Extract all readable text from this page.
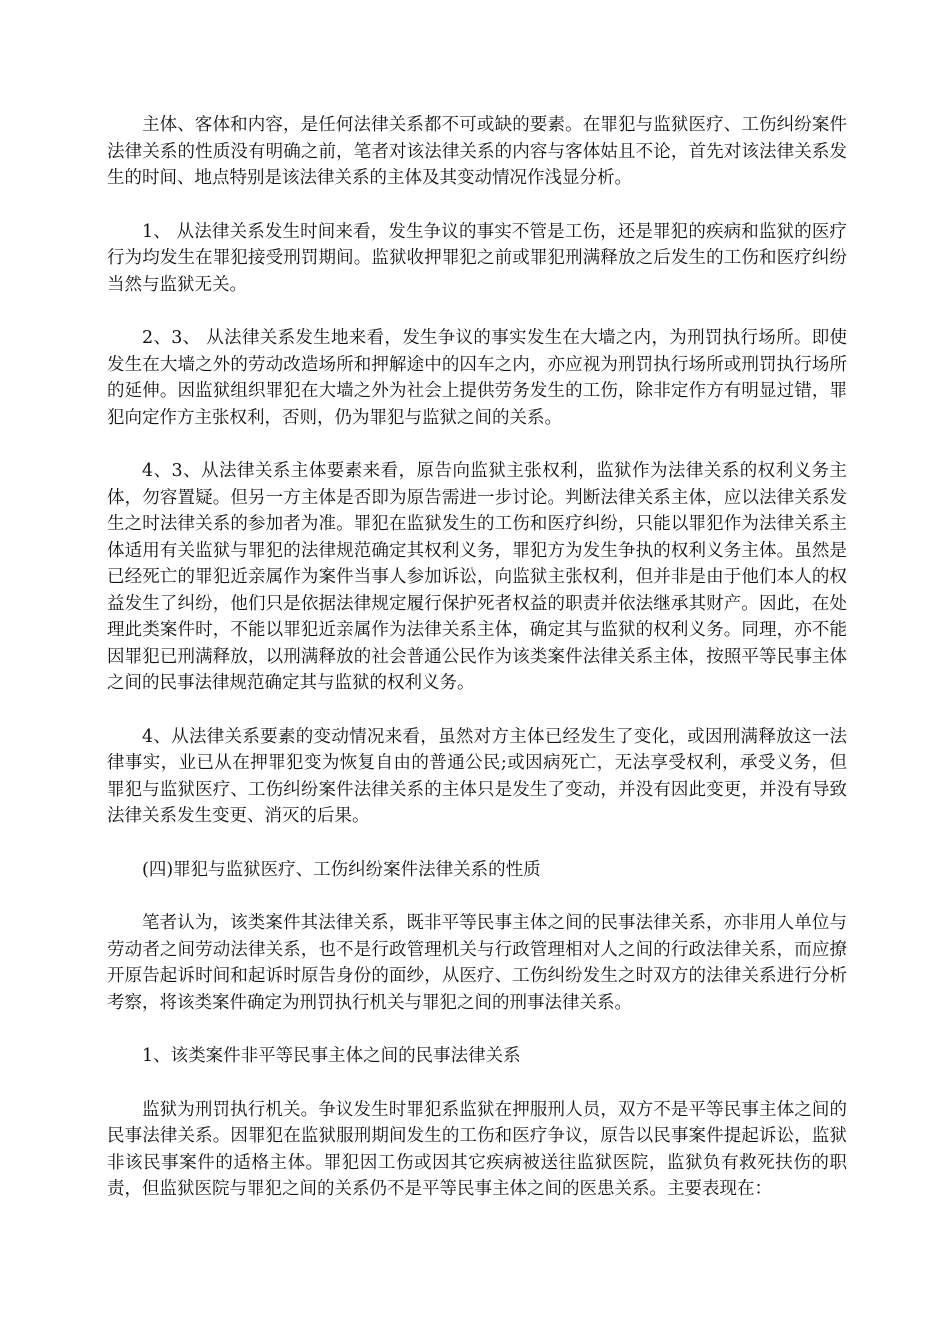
主体、客体和内容，是任何法律关系都不可或缺的要素。在罪犯与监狱医疗、工伤纠纷案件法律关系的性质没有明确之前，笔者对该法律关系的内容与客体姑且不论，首先对该法律关系发生的时间、地点特别是该法律关系的主体及其变动情况作浅显分析。

1、 从法律关系发生时间来看，发生争议的事实不管是工伤，还是罪犯的疾病和监狱的医疗行为均发生在罪犯接受刑罚期间。监狱收押罪犯之前或罪犯刑满释放之后发生的工伤和医疗纠纷当然与监狱无关。

2、3、 从法律关系发生地来看，发生争议的事实发生在大墙之内，为刑罚执行场所。即使发生在大墙之外的劳动改造场所和押解途中的囚车之内，亦应视为刑罚执行场所或刑罚执行场所的延伸。因监狱组织罪犯在大墙之外为社会上提供劳务发生的工伤，除非定作方有明显过错，罪犯向定作方主张权利，否则，仍为罪犯与监狱之间的关系。

4、3、从法律关系主体要素来看，原告向监狱主张权利，监狱作为法律关系的权利义务主体，勿容置疑。但另一方主体是否即为原告需进一步讨论。判断法律关系主体，应以法律关系发生之时法律关系的参加者为准。罪犯在监狱发生的工伤和医疗纠纷，只能以罪犯作为法律关系主体适用有关监狱与罪犯的法律规范确定其权利义务，罪犯方为发生争执的权利义务主体。虽然是已经死亡的罪犯近亲属作为案件当事人参加诉讼，向监狱主张权利，但并非是由于他们本人的权益发生了纠纷，他们只是依据法律规定履行保护死者权益的职责并依法继承其财产。因此，在处理此类案件时，不能以罪犯近亲属作为法律关系主体，确定其与监狱的权利义务。同理，亦不能因罪犯已刑满释放，以刑满释放的社会普通公民作为该类案件法律关系主体，按照平等民事主体之间的民事法律规范确定其与监狱的权利义务。

4、从法律关系要素的变动情况来看，虽然对方主体已经发生了变化，或因刑满释放这一法律事实，业已从在押罪犯变为恢复自由的普通公民;或因病死亡，无法享受权利，承受义务，但罪犯与监狱医疗、工伤纠纷案件法律关系的主体只是发生了变动，并没有因此变更，并没有导致法律关系发生变更、消灭的后果。

(四)罪犯与监狱医疗、工伤纠纷案件法律关系的性质

笔者认为，该类案件其法律关系，既非平等民事主体之间的民事法律关系，亦非用人单位与劳动者之间劳动法律关系，也不是行政管理机关与行政管理相对人之间的行政法律关系，而应撩开原告起诉时间和起诉时原告身份的面纱，从医疗、工伤纠纷发生之时双方的法律关系进行分析考察，将该类案件确定为刑罚执行机关与罪犯之间的刑事法律关系。

1、该类案件非平等民事主体之间的民事法律关系

监狱为刑罚执行机关。争议发生时罪犯系监狱在押服刑人员，双方不是平等民事主体之间的民事法律关系。因罪犯在监狱服刑期间发生的工伤和医疗争议，原告以民事案件提起诉讼，监狱非该民事案件的适格主体。罪犯因工伤或因其它疾病被送往监狱医院，监狱负有救死扶伤的职责，但监狱医院与罪犯之间的关系仍不是平等民事主体之间的医患关系。主要表现在：
